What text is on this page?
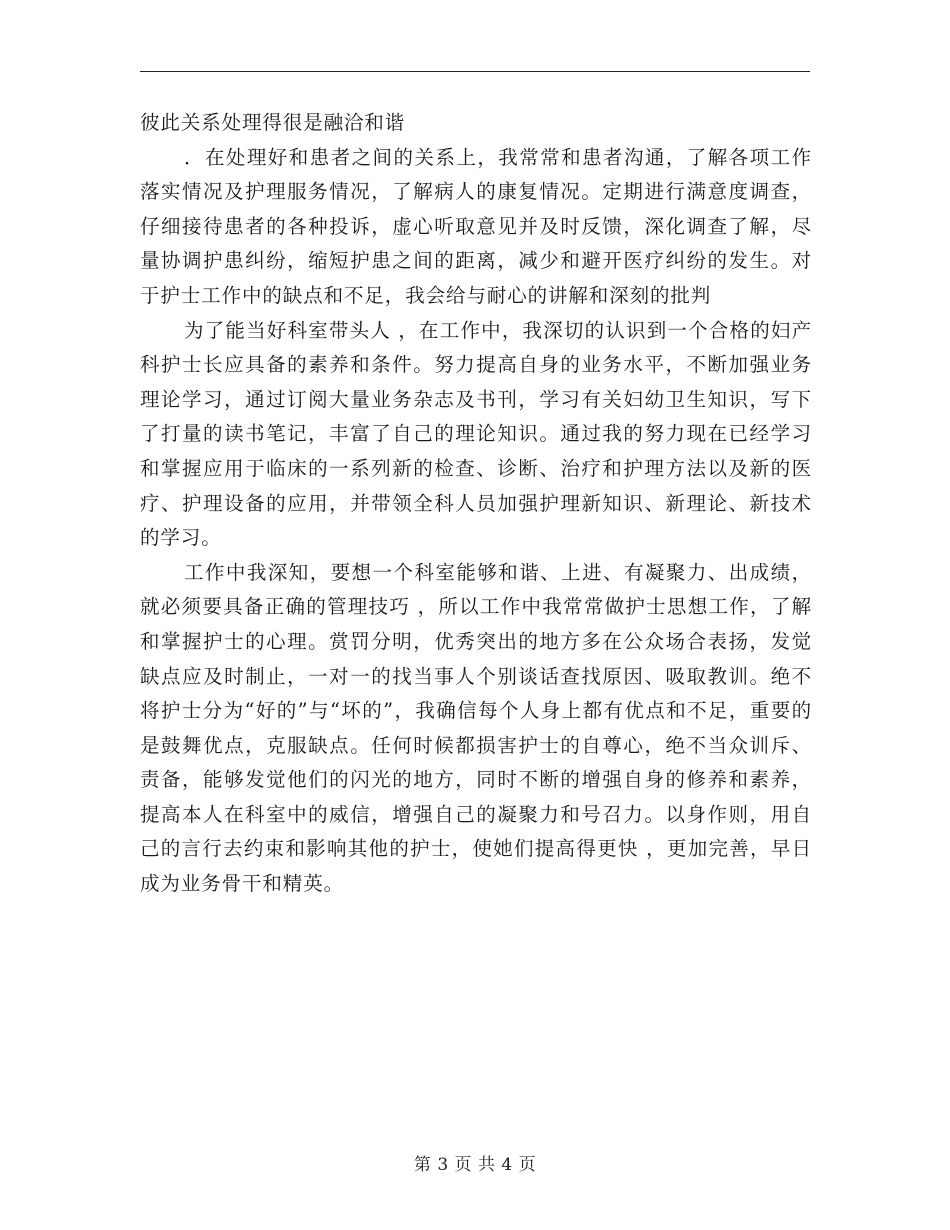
彼此关系处理得很是融洽和谐

．在处理好和患者之间的关系上，我常常和患者沟通，了解各项工作落实情况及护理服务情况，了解病人的康复情况。定期进行满意度调查，仔细接待患者的各种投诉，虚心听取意见并及时反馈，深化调查了解，尽量协调护患纠纷，缩短护患之间的距离，减少和避开医疗纠纷的发生。对于护士工作中的缺点和不足，我会给与耐心的讲解和深刻的批判

为了能当好科室带头人 ，在工作中，我深切的认识到一个合格的妇产科护士长应具备的素养和条件。努力提高自身的业务水平，不断加强业务理论学习，通过订阅大量业务杂志及书刊，学习有关妇幼卫生知识，写下了打量的读书笔记，丰富了自己的理论知识。通过我的努力现在已经学习和掌握应用于临床的一系列新的检查、诊断、治疗和护理方法以及新的医疗、护理设备的应用，并带领全科人员加强护理新知识、新理论、新技术的学习。

工作中我深知，要想一个科室能够和谐、上进、有凝聚力、出成绩，就必须要具备正确的管理技巧 ，所以工作中我常常做护士思想工作，了解和掌握护士的心理。赏罚分明，优秀突出的地方多在公众场合表扬，发觉缺点应及时制止，一对一的找当事人个别谈话查找原因、吸取教训。绝不将护士分为“好的”与“坏的”，我确信每个人身上都有优点和不足，重要的是鼓舞优点，克服缺点。任何时候都损害护士的自尊心，绝不当众训斥、责备，能够发觉他们的闪光的地方，同时不断的增强自身的修养和素养，提高本人在科室中的威信，增强自己的凝聚力和号召力。以身作则，用自己的言行去约束和影响其他的护士，使她们提高得更快 ，更加完善，早日成为业务骨干和精英。

第 3 页 共 4 页
